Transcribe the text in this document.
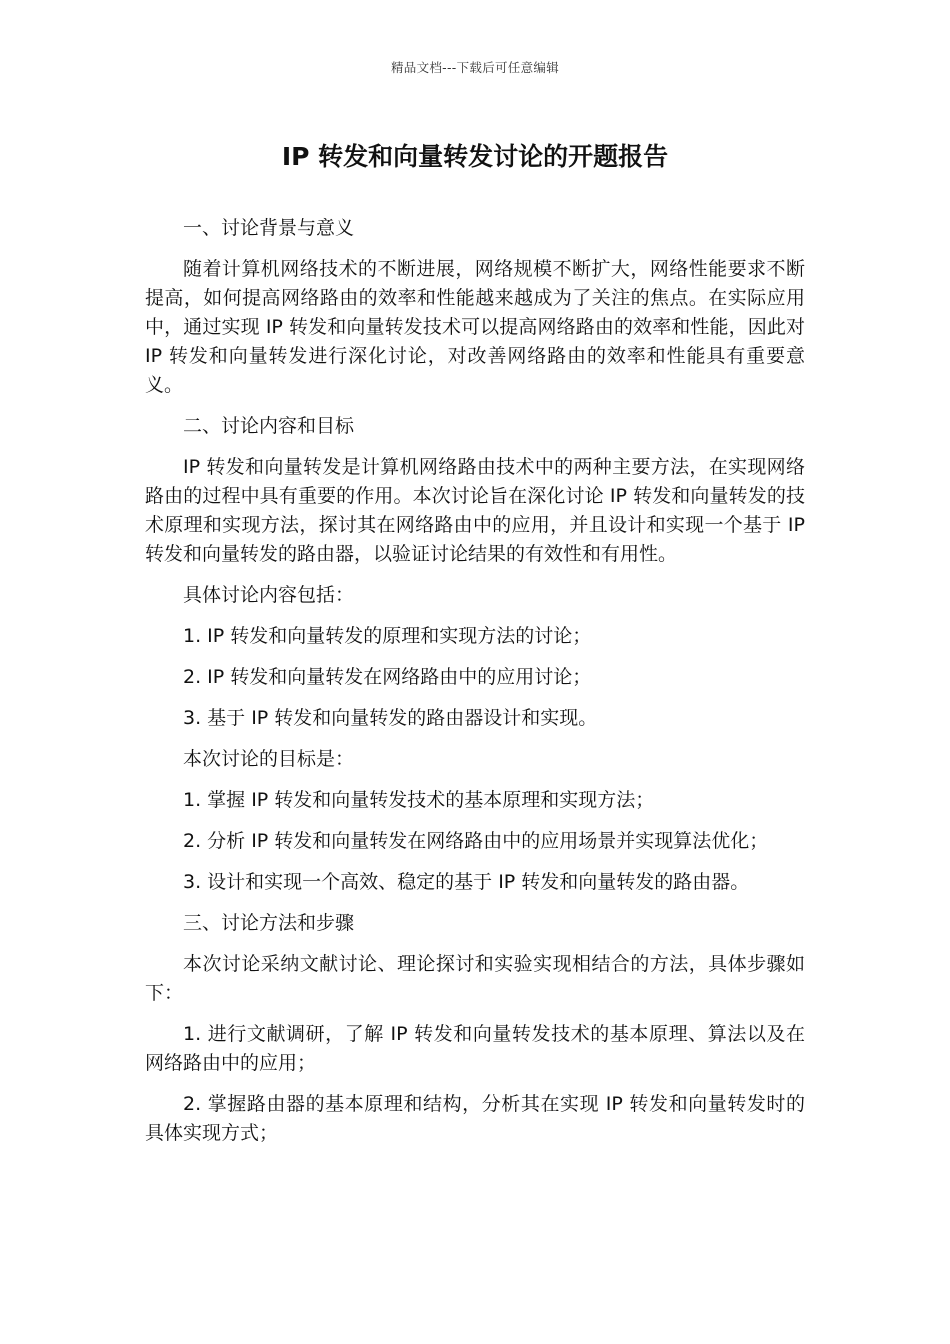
精品文档---下载后可任意编辑
IP 转发和向量转发讨论的开题报告

一、讨论背景与意义

随着计算机网络技术的不断进展，网络规模不断扩大，网络性能要求不断提高，如何提高网络路由的效率和性能越来越成为了关注的焦点。在实际应用中，通过实现 IP 转发和向量转发技术可以提高网络路由的效率和性能，因此对 IP 转发和向量转发进行深化讨论，对改善网络路由的效率和性能具有重要意义。

二、讨论内容和目标

IP 转发和向量转发是计算机网络路由技术中的两种主要方法，在实现网络路由的过程中具有重要的作用。本次讨论旨在深化讨论 IP 转发和向量转发的技术原理和实现方法，探讨其在网络路由中的应用，并且设计和实现一个基于 IP 转发和向量转发的路由器，以验证讨论结果的有效性和有用性。

具体讨论内容包括：

1. IP 转发和向量转发的原理和实现方法的讨论；

2. IP 转发和向量转发在网络路由中的应用讨论；

3. 基于 IP 转发和向量转发的路由器设计和实现。

本次讨论的目标是：

1. 掌握 IP 转发和向量转发技术的基本原理和实现方法；

2. 分析 IP 转发和向量转发在网络路由中的应用场景并实现算法优化；

3. 设计和实现一个高效、稳定的基于 IP 转发和向量转发的路由器。

三、讨论方法和步骤

本次讨论采纳文献讨论、理论探讨和实验实现相结合的方法，具体步骤如下：

1. 进行文献调研，了解 IP 转发和向量转发技术的基本原理、算法以及在网络路由中的应用；

2. 掌握路由器的基本原理和结构，分析其在实现 IP 转发和向量转发时的具体实现方式；
